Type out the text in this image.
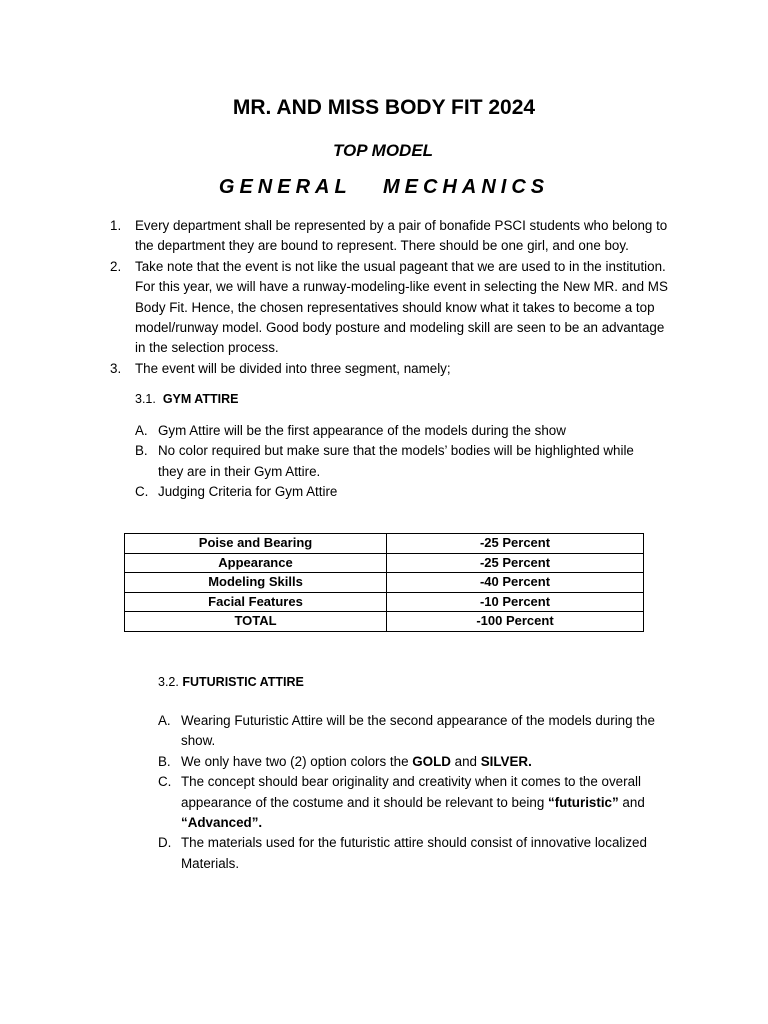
MR. AND MISS BODY FIT 2024
TOP MODEL
GENERAL   MECHANICS
1. Every department shall be represented by a pair of bonafide PSCI students who belong to the department they are bound to represent. There should be one girl, and one boy.
2. Take note that the event is not like the usual pageant that we are used to in the institution. For this year, we will have a runway-modeling-like event in selecting the New MR. and MS Body Fit. Hence, the chosen representatives should know what it takes to become a top model/runway model. Good body posture and modeling skill are seen to be an advantage in the selection process.
3. The event will be divided into three segment, namely;

3.1. GYM ATTIRE

A. Gym Attire will be the first appearance of the models during the show
B. No color required but make sure that the models’ bodies will be highlighted while they are in their Gym Attire.
C. Judging Criteria for Gym Attire
Poise and Bearing	-25 Percent
Appearance	-25 Percent
Modeling Skills	-40 Percent
Facial Features	-10 Percent
TOTAL	-100 Percent

3.2. FUTURISTIC ATTIRE

A. Wearing Futuristic Attire will be the second appearance of the models during the show.
B. We only have two (2) option colors the GOLD and SILVER.
C. The concept should bear originality and creativity when it comes to the overall appearance of the costume and it should be relevant to being “futuristic” and “Advanced”.
D. The materials used for the futuristic attire should consist of innovative localized Materials.
